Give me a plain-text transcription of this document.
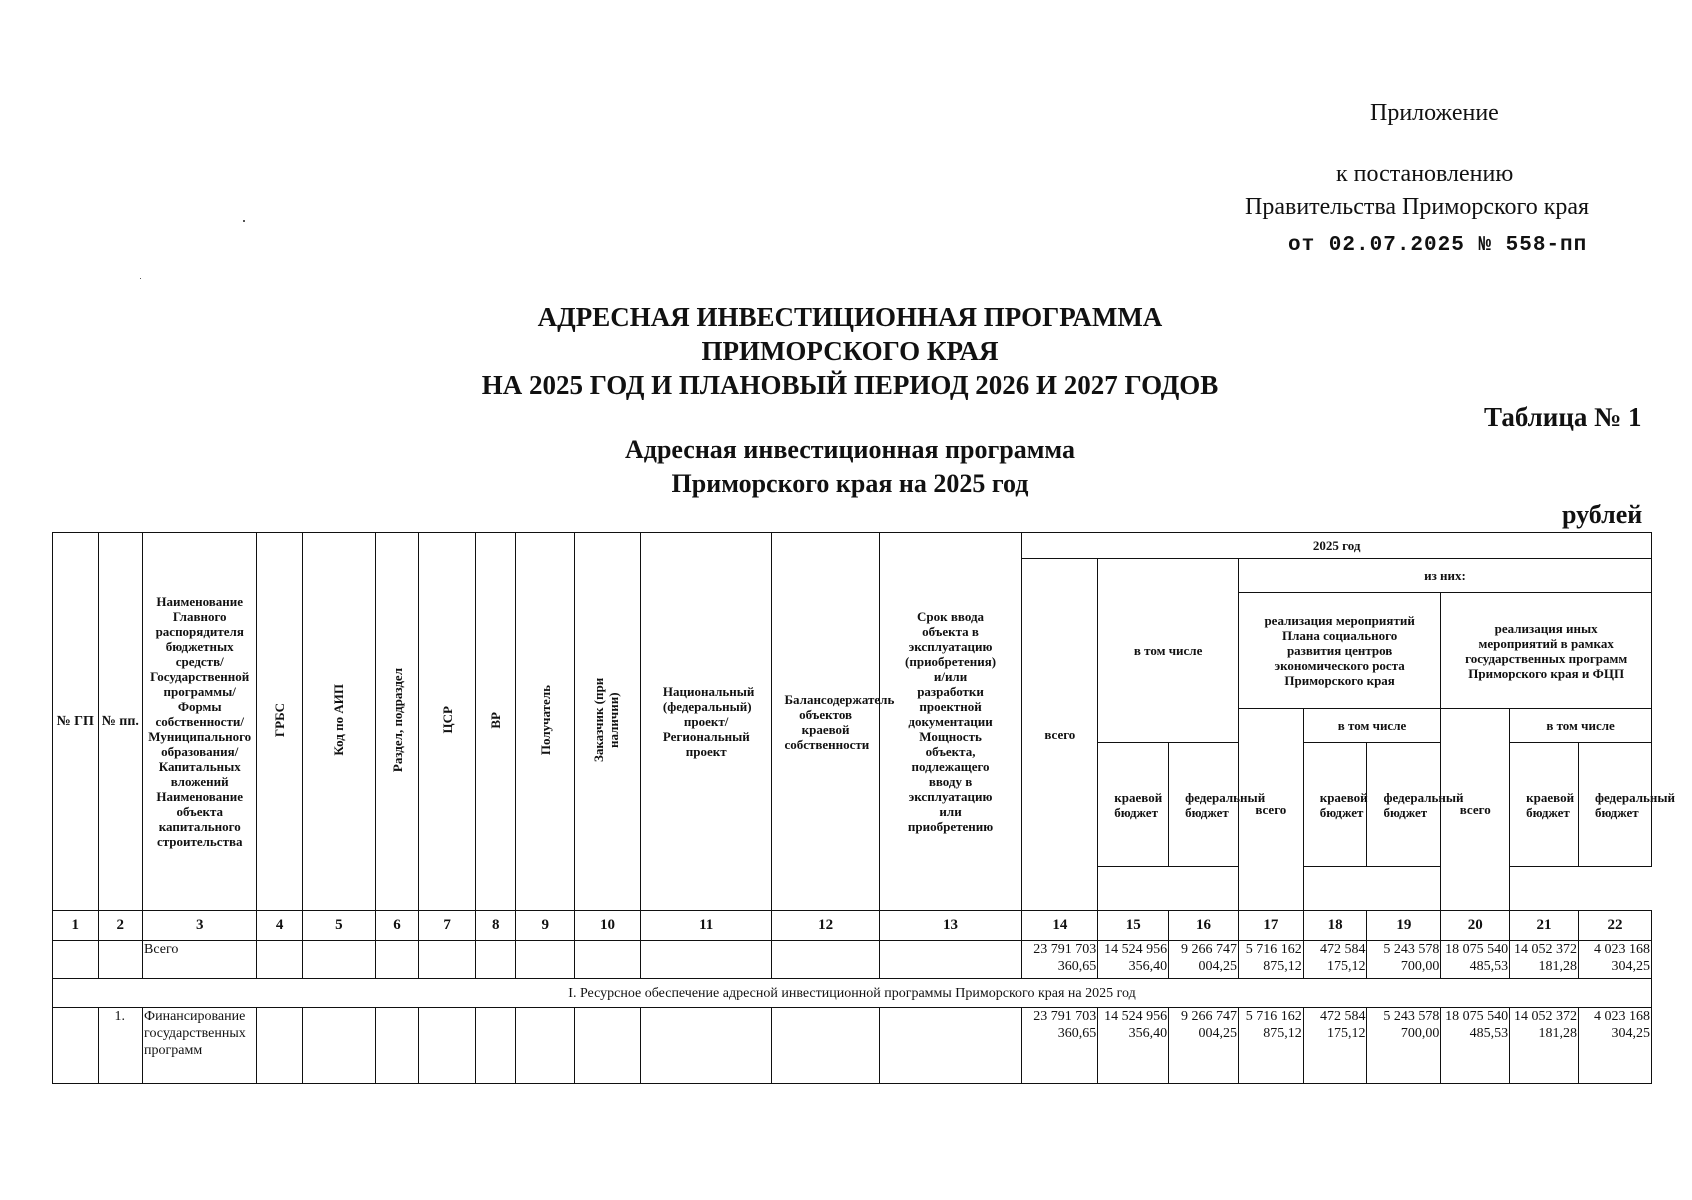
Приложение
к постановлению
Правительства Приморского края
от 02.07.2025 № 558-пп
АДРЕСНАЯ ИНВЕСТИЦИОННАЯ ПРОГРАММА
ПРИМОРСКОГО КРАЯ
НА 2025 ГОД И ПЛАНОВЫЙ ПЕРИОД 2026 И 2027 ГОДОВ
Таблица № 1
Адресная инвестиционная программа
Приморского края на 2025 год
рублей
№ ГП	№ пп.	Наименование Главного распорядителя бюджетных средств/Государственной программы/Формы собственности/Муниципального образования/Капитальных вложений Наименование объекта капитального строительства	ГРБС	Код по АИП	Раздел, подраздел	ЦСР	ВР	Получатель	Заказчик (при наличии)	Национальный (федеральный) проект/ Региональный проект	Балансодержатель объектов краевой собственности	Срок ввода объекта в эксплуатацию (приобретения) и/или разработки проектной документации Мощность объекта, подлежащего вводу в эксплуатацию или приобретению	2025 год								
													всего	в том числе		из них:					
																реализация мероприятий Плана социального развития центров экономического роста Приморского края			реализация иных мероприятий в рамках государственных программ Приморского края и ФЦП		
																всего	в том числе		всего	в том числе	
														краевой бюджет	федеральный бюджет		краевой бюджет	федеральный бюджет		краевой бюджет	федеральный бюджет

1	2	3	4	5	6	7	8	9	10	11	12	13	14	15	16	17	18	19	20	21	22
		Всего											23 791 703 360,65	14 524 956 356,40	9 266 747 004,25	5 716 162 875,12	472 584 175,12	5 243 578 700,00	18 075 540 485,53	14 052 372 181,28	4 023 168 304,25
I. Ресурсное обеспечение адресной инвестиционной программы Приморского края на 2025 год																					
	1.	Финансирование государственных программ											23 791 703 360,65	14 524 956 356,40	9 266 747 004,25	5 716 162 875,12	472 584 175,12	5 243 578 700,00	18 075 540 485,53	14 052 372 181,28	4 023 168 304,25
